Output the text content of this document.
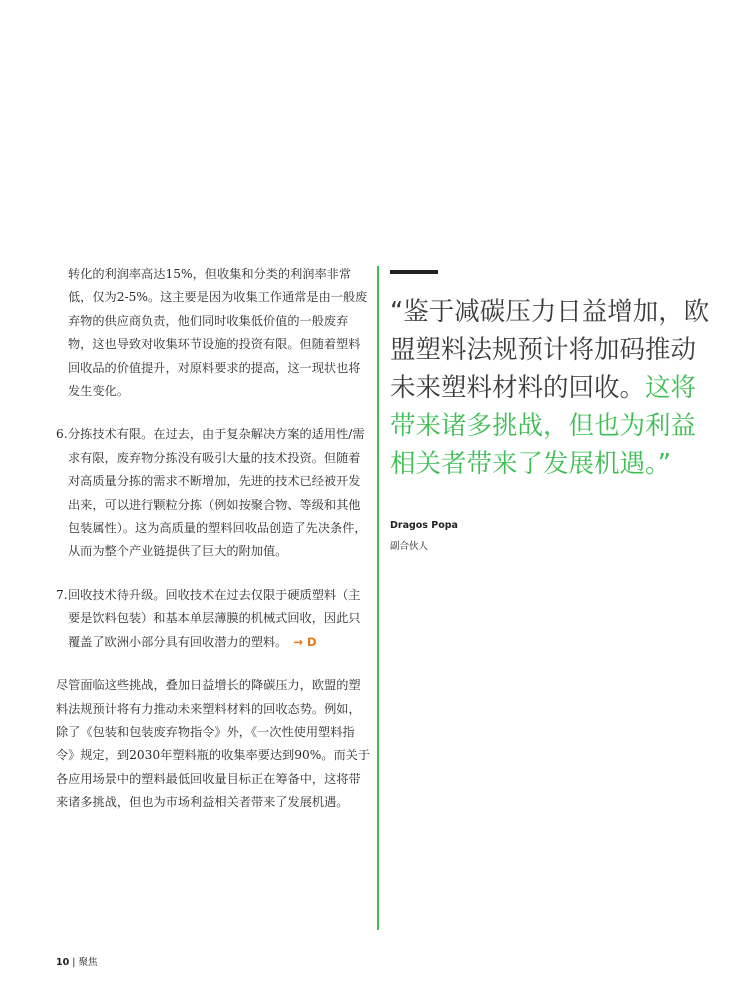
转化的利润率高达15%，但收集和分类的利润率非常低，仅为2-5%。这主要是因为收集工作通常是由一般废弃物的供应商负责，他们同时收集低价值的一般废弃物，这也导致对收集环节设施的投资有限。但随着塑料回收品的价值提升，对原料要求的提高，这一现状也将发生变化。

6. 分拣技术有限。在过去，由于复杂解决方案的适用性/需求有限，废弃物分拣没有吸引大量的技术投资。但随着对高质量分拣的需求不断增加，先进的技术已经被开发出来，可以进行颗粒分拣（例如按聚合物、等级和其他包装属性）。这为高质量的塑料回收品创造了先决条件，从而为整个产业链提供了巨大的附加值。
7. 回收技术待升级。回收技术在过去仅限于硬质塑料（主要是饮料包装）和基本单层薄膜的机械式回收，因此只覆盖了欧洲小部分具有回收潜力的塑料。 → D

尽管面临这些挑战，叠加日益增长的降碳压力，欧盟的塑料法规预计将有力推动未来塑料材料的回收态势。例如，除了《包装和包装废弃物指令》外，《一次性使用塑料指令》规定，到2030年塑料瓶的收集率要达到90%。而关于各应用场景中的塑料最低回收量目标正在筹备中，这将带来诸多挑战，但也为市场利益相关者带来了发展机遇。

“鉴于减碳压力日益增加，欧盟塑料法规预计将加码推动未来塑料材料的回收。这将带来诸多挑战，但也为利益相关者带来了发展机遇。”
Dragos Popa
副合伙人
10 | 聚焦
